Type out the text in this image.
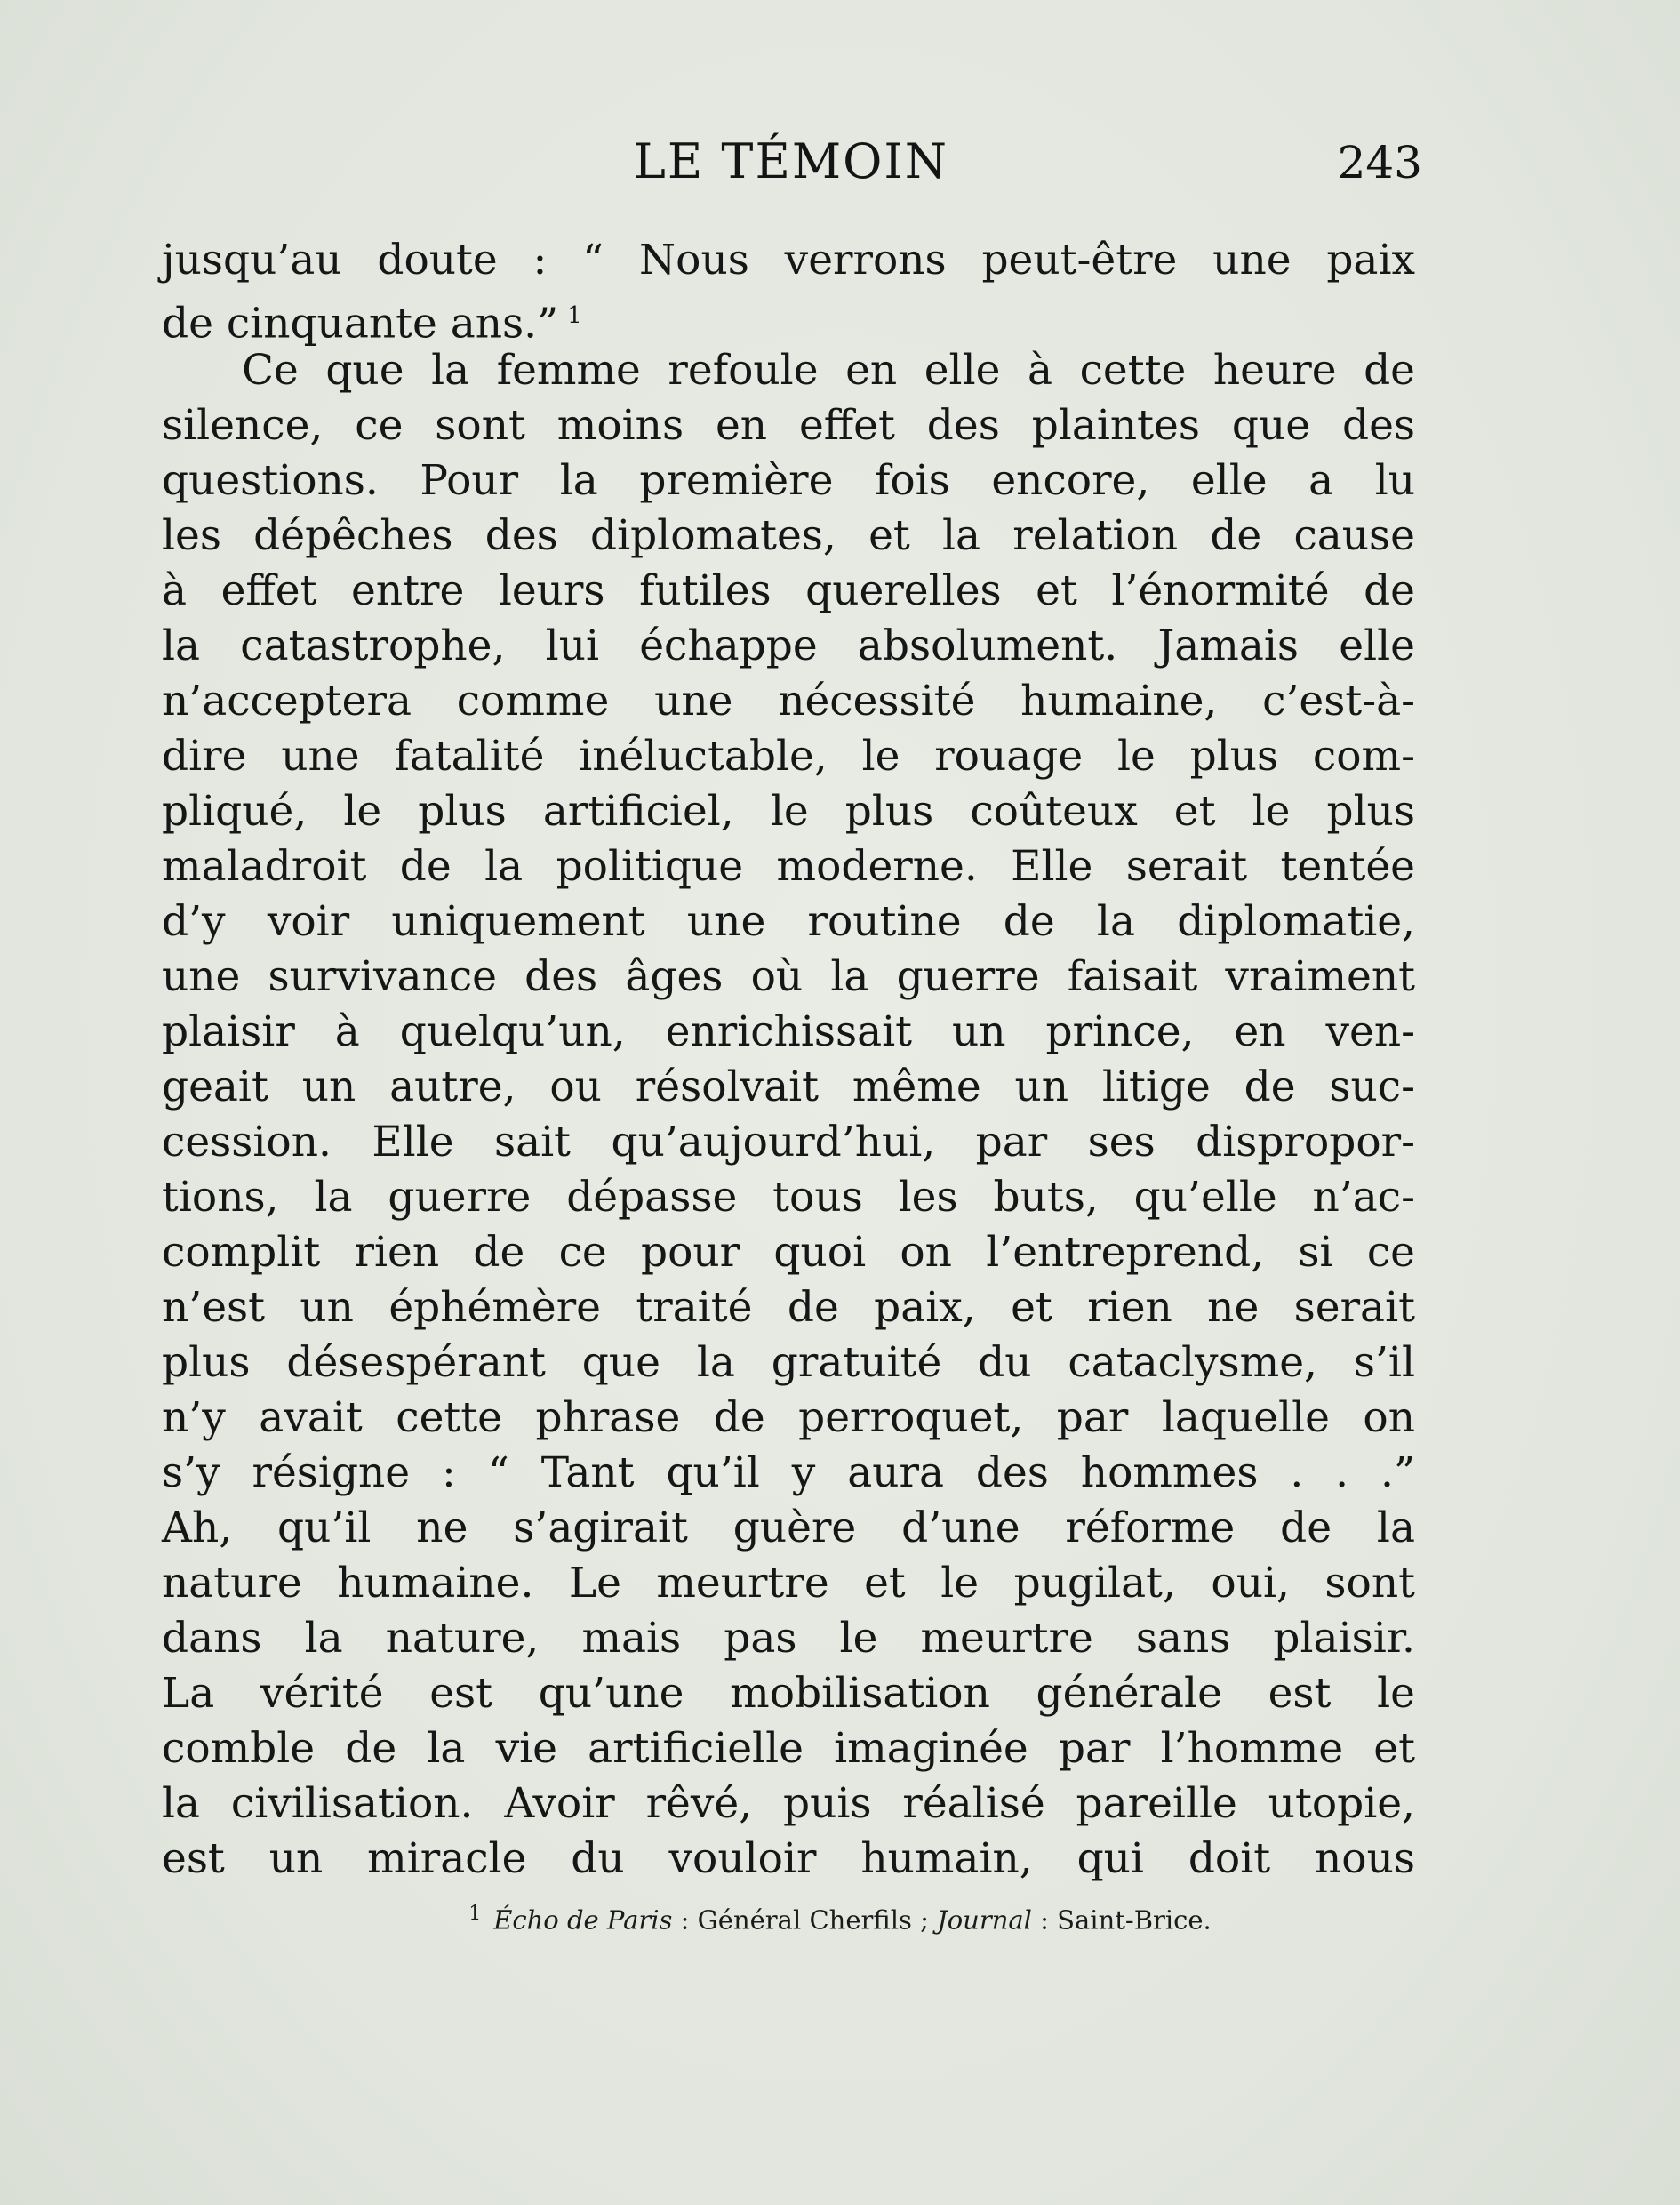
LE TÉMOIN	243
jusqu’au doute : “ Nous verrons peut-être une paix
de cinquante ans.” $^1$
Ce que la femme refoule en elle à cette heure de
silence, ce sont moins en effet des plaintes que des
questions. Pour la première fois encore, elle a lu
les dépêches des diplomates, et la relation de cause
à effet entre leurs futiles querelles et l’énormité de
la catastrophe, lui échappe absolument. Jamais elle
n’acceptera comme une nécessité humaine, c’est-à-
dire une fatalité inéluctable, le rouage le plus com-
pliqué, le plus artificiel, le plus coûteux et le plus
maladroit de la politique moderne. Elle serait tentée
d’y voir uniquement une routine de la diplomatie,
une survivance des âges où la guerre faisait vraiment
plaisir à quelqu’un, enrichissait un prince, en ven-
geait un autre, ou résolvait même un litige de suc-
cession. Elle sait qu’aujourd’hui, par ses dispropor-
tions, la guerre dépasse tous les buts, qu’elle n’ac-
complit rien de ce pour quoi on l’entreprend, si ce
n’est un éphémère traité de paix, et rien ne serait
plus désespérant que la gratuité du cataclysme, s’il
n’y avait cette phrase de perroquet, par laquelle on
s’y résigne : “ Tant qu’il y aura des hommes . . .”
Ah, qu’il ne s’agirait guère d’une réforme de la
nature humaine. Le meurtre et le pugilat, oui, sont
dans la nature, mais pas le meurtre sans plaisir.
La vérité est qu’une mobilisation générale est le
comble de la vie artificielle imaginée par l’homme et
la civilisation. Avoir rêvé, puis réalisé pareille utopie,
est un miracle du vouloir humain, qui doit nous
$^1$ Écho de Paris : Général Cherfils ; Journal : Saint-Brice.
